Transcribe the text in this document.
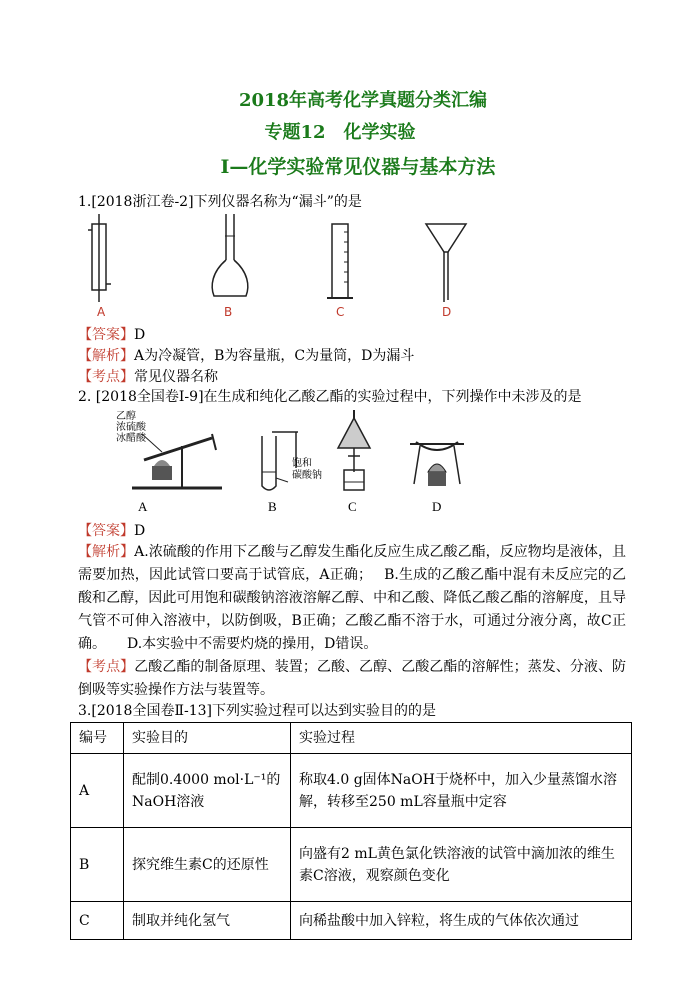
2018年高考化学真题分类汇编
专题12　化学实验
Ⅰ—化学实验常见仪器与基本方法
1.[2018浙江卷-2]下列仪器名称为“漏斗”的是
A	B	C	D
【答案】D
【解析】A为冷凝管，B为容量瓶，C为量筒，D为漏斗
【考点】常见仪器名称
2. [2018全国卷Ⅰ-9]在生成和纯化乙酸乙酯的实验过程中，下列操作中未涉及的是
乙醇
浓硫酸
冰醋酸
饱和
碳酸钠
A	B	C	D
【答案】D
【解析】A.浓硫酸的作用下乙酸与乙醇发生酯化反应生成乙酸乙酯，反应物均是液体，且需要加热，因此试管口要高于试管底，A正确；　 B.生成的乙酸乙酯中混有未反应完的乙酸和乙醇，因此可用饱和碳酸钠溶液溶解乙醇、中和乙酸、降低乙酸乙酯的溶解度，且导气管不可伸入溶液中，以防倒吸，B正确；乙酸乙酯不溶于水，可通过分液分离，故C正确。　　D.本实验中不需要灼烧的操用，D错误。
【考点】乙酸乙酯的制备原理、装置；乙酸、乙醇、乙酸乙酯的溶解性；蒸发、分液、防倒吸等实验操作方法与装置等。
3.[2018全国卷Ⅱ-13]下列实验过程可以达到实验目的的是
编号	实验目的	实验过程
A	配制0.4000 mol·L⁻¹的NaOH溶液	称取4.0 g固体NaOH于烧杯中，加入少量蒸馏水溶解，转移至250 mL容量瓶中定容
B	探究维生素C的还原性	向盛有2 mL黄色氯化铁溶液的试管中滴加浓的维生素C溶液，观察颜色变化
C	制取并纯化氢气	向稀盐酸中加入锌粒，将生成的气体依次通过
